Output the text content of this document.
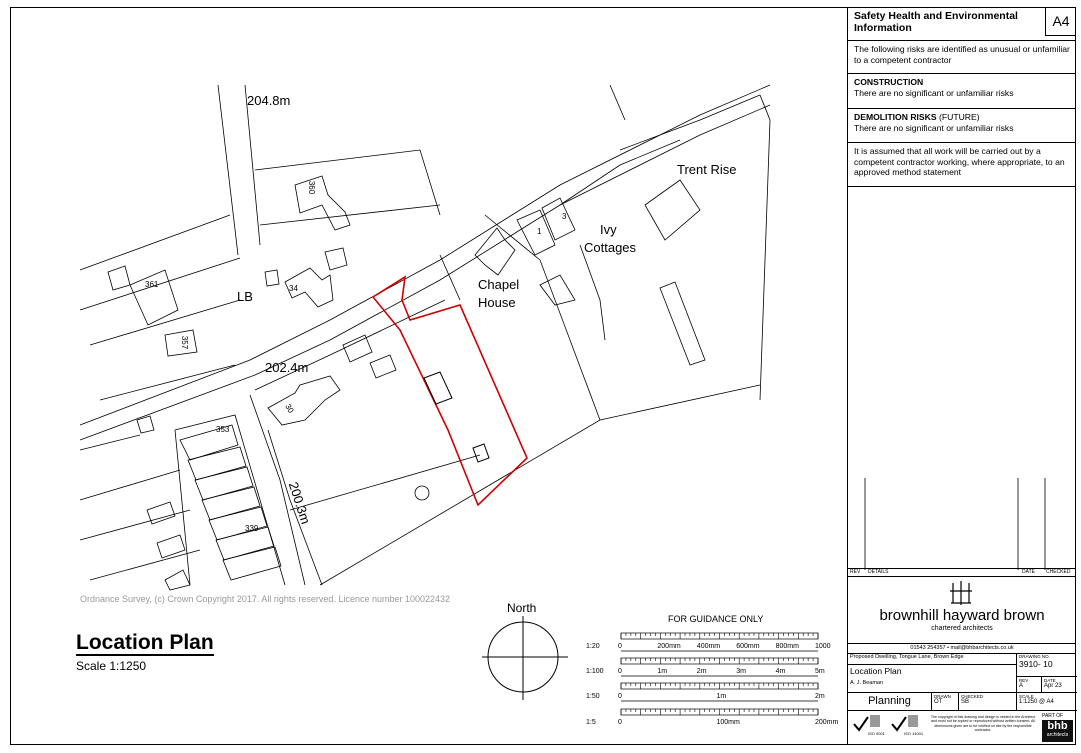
204.8m
202.4m
200.3m
LB
Trent Rise
Ivy
Cottages
Chapel
House
360
361
357
34
30
353
339
1
3
Ordnance Survey, (c) Crown Copyright 2017. All rights reserved. Licence number 100022432
Location Plan
Scale 1:1250
North
FOR GUIDANCE ONLY
1:20	0	200mm 400mm 600mm 800mm 1000
1:100 0	1m	2m	3m	4m	5m
1:50	0	1m	2m
1:5	0	100mm	200mm
A4
Safety Health and Environmental Information
The following risks are identified as unusual or unfamiliar to a competent contractor
CONSTRUCTION
There are no significant or unfamiliar risks
DEMOLITION RISKS (FUTURE)
There are no significant or unfamiliar risks
It is assumed that all work will be carried out by a competent contractor working, where appropriate, to an approved method statement
REV DETAILS	DATE CHECKED
brownhill hayward brown
chartered architects
01543 254357 • mail@bhbarchitects.co.uk
Proposed Dwelling, Tongue Lane, Brown Edge
Location Plan
A. J. Beaman
DRAWING NO.
3910- 10
REV
A
DATE
Apr 23
Planning	DRAWN
OT
CHECKED
SB
SCALE
1:1250 @ A4
ISO 9001	ISO 14001
The copyright of this drawing and design is vested in the Architect and must not be copied or reproduced without written consent. All dimensions given are to be verified on site by the responsible contractor.
PART OF
bhb
architects
